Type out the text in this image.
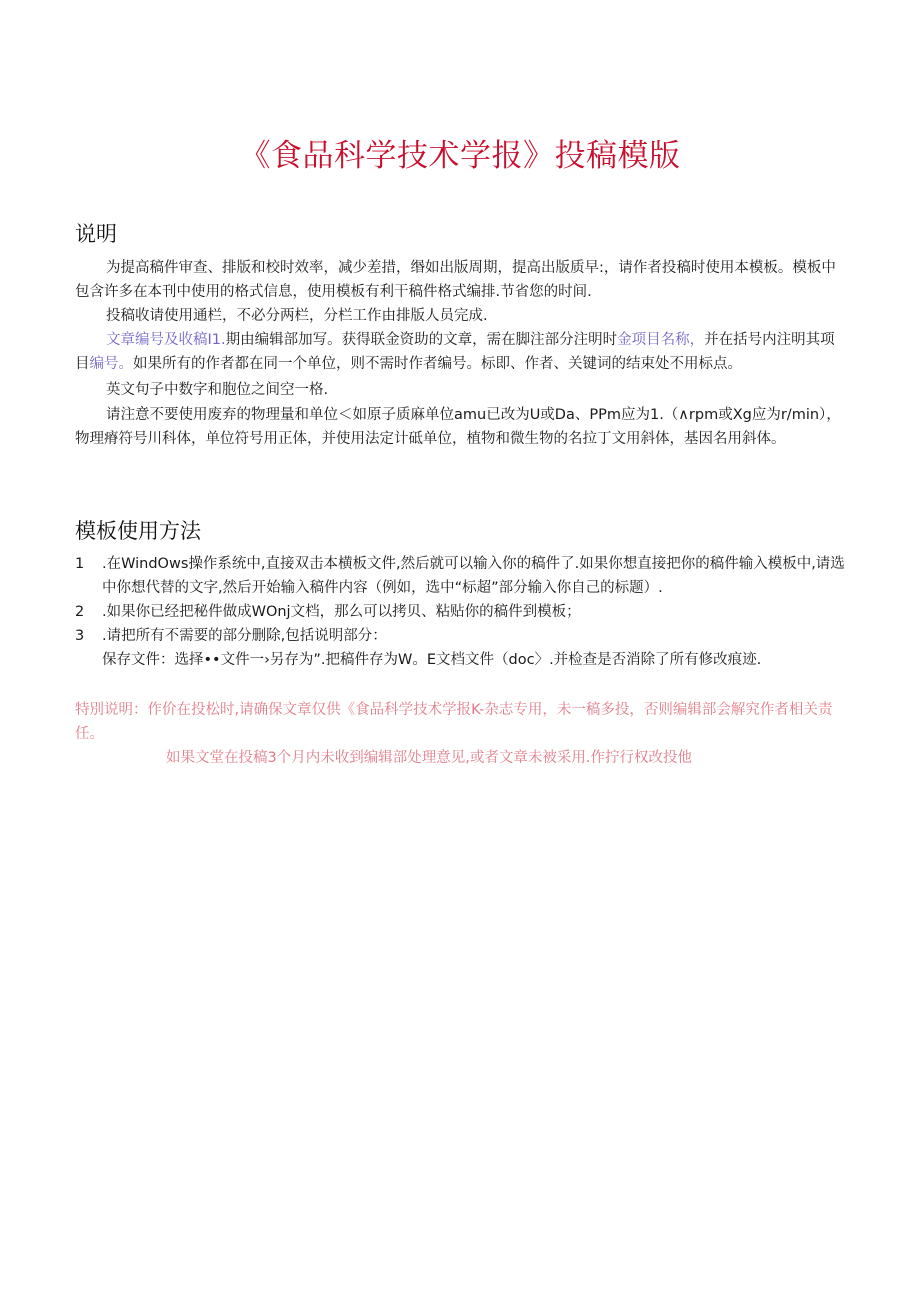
《食品科学技术学报》投稿模版
说明
为提高稿件审查、排版和校时效率，减少差措，缗如出版周期，提高出版质早:，请作者投稿时使用本模板。模板中包含许多在本刊中使用的格式信息，使用模板有利干稿件格式编排.节省您的时间.
投稿收请使用通栏，不必分两栏，分栏工作由排版人员完成.
文章编号及收稿I1.期由编辑部加写。获得联金资助的文章，需在脚注部分注明时金项目名称，并在括号内注明其项目编号。如果所有的作者都在同一个单位，则不需时作者编号。标即、作者、关键词的结束处不用标点。
英文句子中数字和胞位之间空一格.
请注意不要使用废弃的物理量和单位＜如原子质麻单位amu已改为U或Da、PPm应为1.（∧rpm或Xg应为r/min），物理瘠符号川科体，单位符号用正体，并使用法定计砥单位，植物和微生物的名拉丁文用斜体，基因名用斜体。
模板使用方法
1 .在WindOws操作系统中,直接双击本横板文件,然后就可以输入你的稿件了.如果你想直接把你的稿件输入模板中,请选中你想代替的文字,然后开始输入稿件内容（例如，选中“标超”部分输入你自己的标题）.
2 .如果你已经把秘件做成WOnj文档，那么可以拷贝、粘贴你的稿件到模板；
3 .请把所有不需要的部分删除,包括说明部分：
保存文件：选择••文件一›另存为”.把稿件存为W。E文档文件（doc〉.并检查是否消除了所有修改痕迹.
特別说明：作价在投松时,请确保文章仅供《食品科学技术学报K-杂志专用，未一稿多投，否则编辑部会解究作者相关责任。
如果文堂在投稿3个月内未收到编辑部处理意见,或者文章未被采用.作拧行权改投他
